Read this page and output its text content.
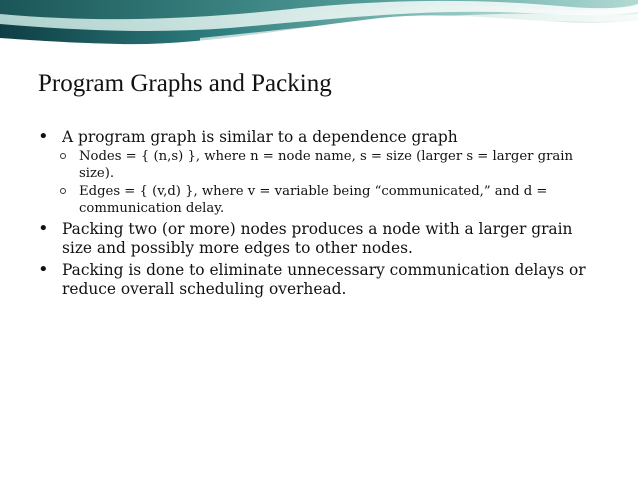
Program Graphs and Packing

• A program graph is similar to a dependence graph

Nodes = { (n,s) }, where n = node name, s = size (larger s = larger grain size).

Edges = { (v,d) }, where v = variable being “communicated,” and d = communication delay.

• Packing two (or more) nodes produces a node with a larger grain size and possibly more edges to other nodes.

• Packing is done to eliminate unnecessary communication delays or reduce overall scheduling overhead.
